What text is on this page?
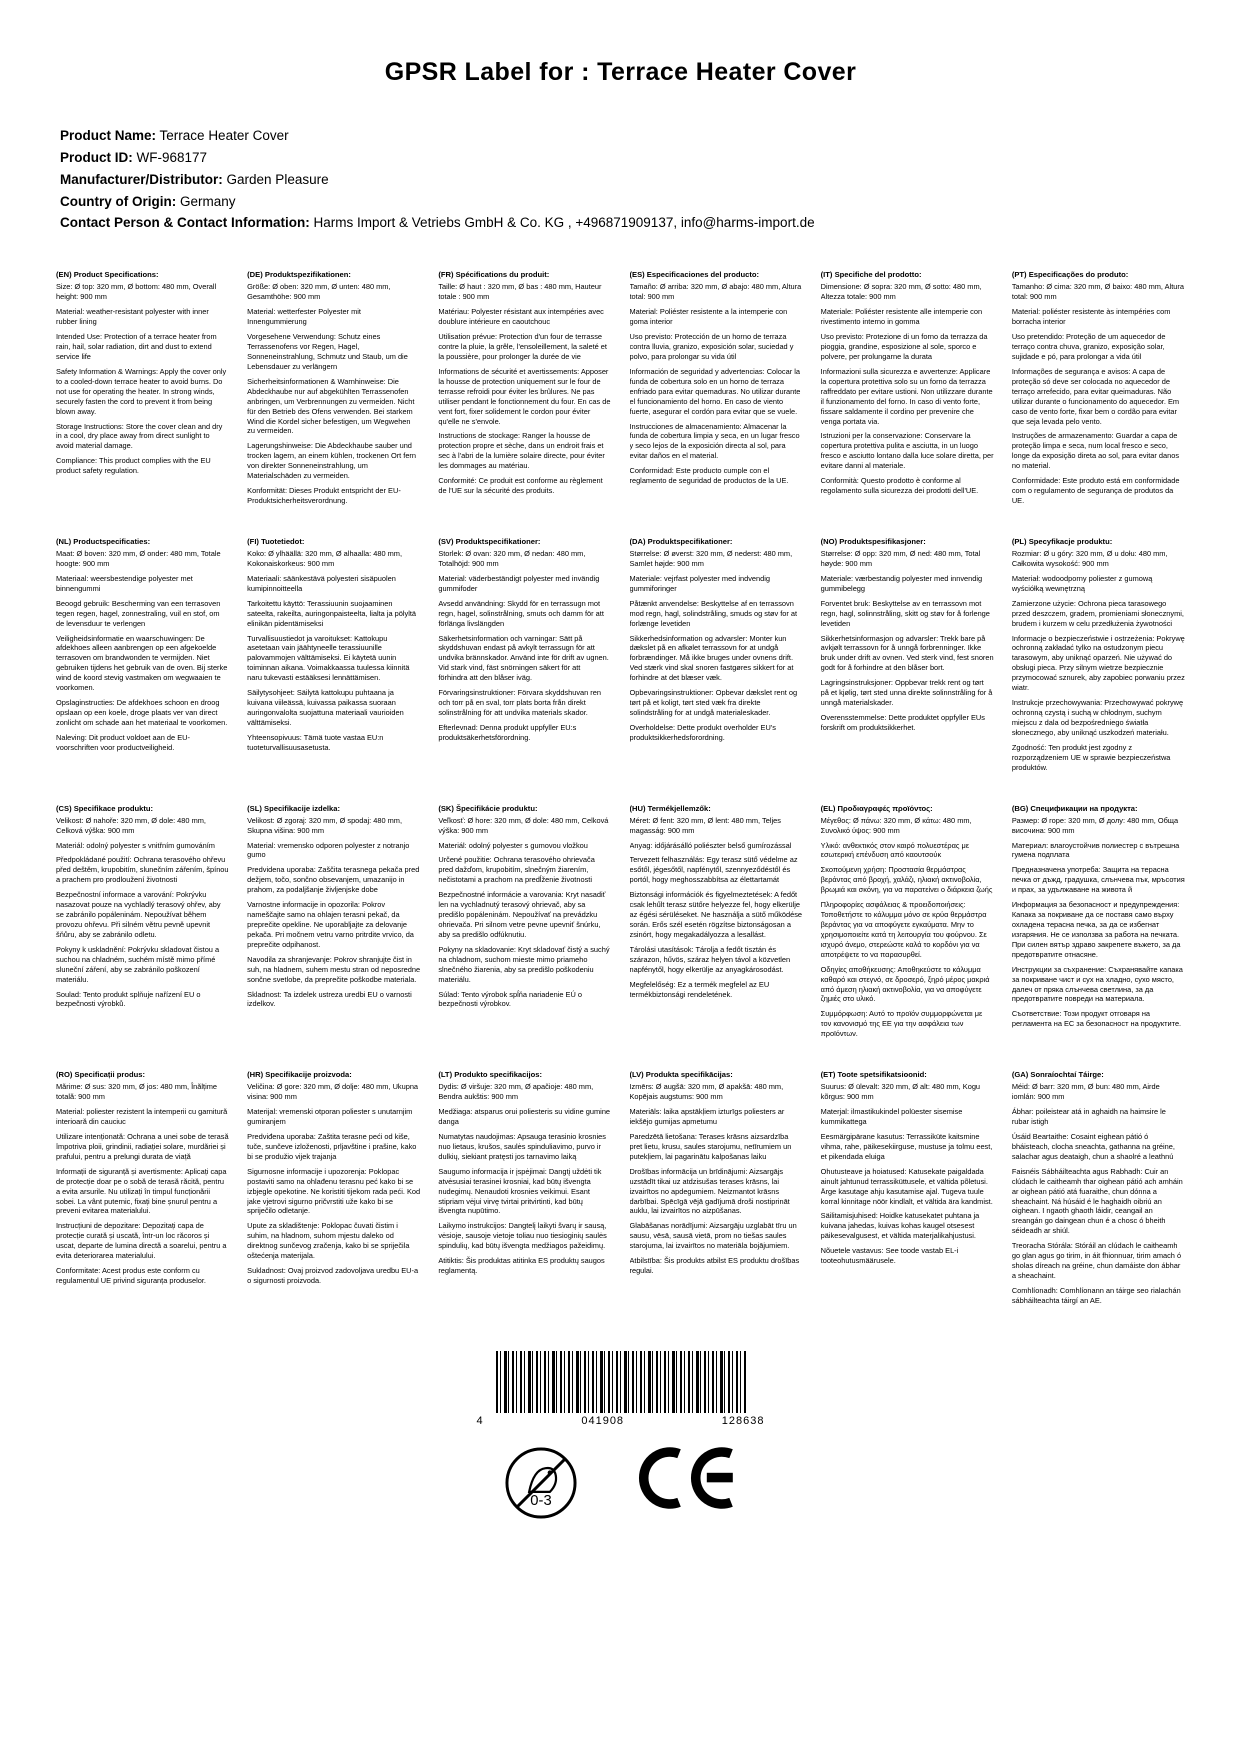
GPSR Label for : Terrace Heater Cover
Product Name: Terrace Heater Cover
Product ID: WF-968177
Manufacturer/Distributor: Garden Pleasure
Country of Origin: Germany
Contact Person & Contact Information: Harms Import & Vetriebs GmbH & Co. KG , +496871909137, info@harms-import.de
(EN) Product Specifications:

Size: Ø top: 320 mm, Ø bottom: 480 mm, Overall height: 900 mm

Material: weather-resistant polyester with inner rubber lining

Intended Use: Protection of a terrace heater from rain, hail, solar radiation, dirt and dust to extend service life

Safety Information & Warnings: Apply the cover only to a cooled-down terrace heater to avoid burns. Do not use for operating the heater. In strong winds, securely fasten the cord to prevent it from being blown away.

Storage Instructions: Store the cover clean and dry in a cool, dry place away from direct sunlight to avoid material damage.

Compliance: This product complies with the EU product safety regulation.

(DE) Produktspezifikationen:

Größe: Ø oben: 320 mm, Ø unten: 480 mm, Gesamthöhe: 900 mm

Material: wetterfester Polyester mit Innengummierung

Vorgesehene Verwendung: Schutz eines Terrassenofens vor Regen, Hagel, Sonneneinstrahlung, Schmutz und Staub, um die Lebensdauer zu verlängern

Sicherheitsinformationen & Warnhinweise: Die Abdeckhaube nur auf abgekühlten Terrassenofen anbringen, um Verbrennungen zu vermeiden. Nicht für den Betrieb des Ofens verwenden. Bei starkem Wind die Kordel sicher befestigen, um Wegwehen zu vermeiden.

Lagerungshinweise: Die Abdeckhaube sauber und trocken lagern, an einem kühlen, trockenen Ort fern von direkter Sonneneinstrahlung, um Materialschäden zu vermeiden.

Konformität: Dieses Produkt entspricht der EU-Produktsicherheitsverordnung.

(FR) Spécifications du produit:

Taille: Ø haut : 320 mm, Ø bas : 480 mm, Hauteur totale : 900 mm

Matériau: Polyester résistant aux intempéries avec doublure intérieure en caoutchouc

Utilisation prévue: Protection d'un four de terrasse contre la pluie, la grêle, l'ensoleillement, la saleté et la poussière, pour prolonger la durée de vie

Informations de sécurité et avertissements: Apposer la housse de protection uniquement sur le four de terrasse refroidi pour éviter les brûlures. Ne pas utiliser pendant le fonctionnement du four. En cas de vent fort, fixer solidement le cordon pour éviter qu'elle ne s'envole.

Instructions de stockage: Ranger la housse de protection propre et sèche, dans un endroit frais et sec à l'abri de la lumière solaire directe, pour éviter les dommages au matériau.

Conformité: Ce produit est conforme au règlement de l'UE sur la sécurité des produits.

(ES) Especificaciones del producto:

Tamaño: Ø arriba: 320 mm, Ø abajo: 480 mm, Altura total: 900 mm

Material: Poliéster resistente a la intemperie con goma interior

Uso previsto: Protección de un horno de terraza contra lluvia, granizo, exposición solar, suciedad y polvo, para prolongar su vida útil

Información de seguridad y advertencias: Colocar la funda de cobertura solo en un horno de terraza enfriado para evitar quemaduras. No utilizar durante el funcionamiento del horno. En caso de viento fuerte, asegurar el cordón para evitar que se vuele.

Instrucciones de almacenamiento: Almacenar la funda de cobertura limpia y seca, en un lugar fresco y seco lejos de la exposición directa al sol, para evitar daños en el material.

Conformidad: Este producto cumple con el reglamento de seguridad de productos de la UE.

(IT) Specifiche del prodotto:

Dimensione: Ø sopra: 320 mm, Ø sotto: 480 mm, Altezza totale: 900 mm

Materiale: Poliéster resistente alle intemperie con rivestimento interno in gomma

Uso previsto: Protezione di un forno da terrazza da pioggia, grandine, esposizione al sole, sporco e polvere, per prolungarne la durata

Informazioni sulla sicurezza e avvertenze: Applicare la copertura protettiva solo su un forno da terrazza raffreddato per evitare ustioni. Non utilizzare durante il funzionamento del forno. In caso di vento forte, fissare saldamente il cordino per prevenire che venga portata via.

Istruzioni per la conservazione: Conservare la copertura protettiva pulita e asciutta, in un luogo fresco e asciutto lontano dalla luce solare diretta, per evitare danni al materiale.

Conformità: Questo prodotto è conforme al regolamento sulla sicurezza dei prodotti dell'UE.

(PT) Especificações do produto:

Tamanho: Ø cima: 320 mm, Ø baixo: 480 mm, Altura total: 900 mm

Material: poliéster resistente às intempéries com borracha interior

Uso pretendido: Proteção de um aquecedor de terraço contra chuva, granizo, exposição solar, sujidade e pó, para prolongar a vida útil

Informações de segurança e avisos: A capa de proteção só deve ser colocada no aquecedor de terraço arrefecido, para evitar queimaduras. Não utilizar durante o funcionamento do aquecedor. Em caso de vento forte, fixar bem o cordão para evitar que seja levada pelo vento.

Instruções de armazenamento: Guardar a capa de proteção limpa e seca, num local fresco e seco, longe da exposição direta ao sol, para evitar danos no material.

Conformidade: Este produto está em conformidade com o regulamento de segurança de produtos da UE.

(NL) Productspecificaties:

Maat: Ø boven: 320 mm, Ø onder: 480 mm, Totale hoogte: 900 mm

Materiaal: weersbestendige polyester met binnengummi

Beoogd gebruik: Bescherming van een terrasoven tegen regen, hagel, zonnestraling, vuil en stof, om de levensduur te verlengen

Veiligheidsinformatie en waarschuwingen: De afdekhoes alleen aanbrengen op een afgekoelde terrasoven om brandwonden te vermijden. Niet gebruiken tijdens het gebruik van de oven. Bij sterke wind de koord stevig vastmaken om wegwaaien te voorkomen.

Opslaginstructies: De afdekhoes schoon en droog opslaan op een koele, droge plaats ver van direct zonlicht om schade aan het materiaal te voorkomen.

Naleving: Dit product voldoet aan de EU-voorschriften voor productveiligheid.

(FI) Tuotetiedot:

Koko: Ø ylhäällä: 320 mm, Ø alhaalla: 480 mm, Kokonaiskorkeus: 900 mm

Materiaali: säänkestävä polyesteri sisäpuolen kumipinnoitteella

Tarkoitettu käyttö: Terassiuunin suojaaminen sateelta, rakeilta, auringonpaisteelta, lialta ja pölyltä elinikän pidentämiseksi

Turvallisuustiedot ja varoitukset: Kattokupu asetetaan vain jäähtyneelle terassiuunille palovammojen välttämiseksi. Ei käytetä uunin toiminnan aikana. Voimakkaassa tuulessa kiinnitä naru tukevasti estääksesi lennättämisen.

Säilytysohjeet: Säilytä kattokupu puhtaana ja kuivana viileässä, kuivassa paikassa suoraan auringonvalolta suojattuna materiaali vaurioiden välttämiseksi.

Yhteensopivuus: Tämä tuote vastaa EU:n tuoteturvallisuusasetusta.

(SV) Produktspecifikationer:

Storlek: Ø ovan: 320 mm, Ø nedan: 480 mm, Totalhöjd: 900 mm

Material: väderbeständigt polyester med invändig gummifoder

Avsedd användning: Skydd för en terrassugn mot regn, hagel, solinstrålning, smuts och damm för att förlänga livslängden

Säkerhetsinformation och varningar: Sätt på skyddshuvan endast på avkylt terrassugn för att undvika brännskador. Använd inte för drift av ugnen. Vid stark vind, fäst snörningen säkert för att förhindra att den blåser iväg.

Förvaringsinstruktioner: Förvara skyddshuvan ren och torr på en sval, torr plats borta från direkt solinstrålning för att undvika materials skador.

Efterlevnad: Denna produkt uppfyller EU:s produktsäkerhetsförordning.

(DA) Produktspecifikationer:

Størrelse: Ø øverst: 320 mm, Ø nederst: 480 mm, Samlet højde: 900 mm

Materiale: vejrfast polyester med indvendig gummiforinger

Påtænkt anvendelse: Beskyttelse af en terrassovn mod regn, hagl, solindstråling, smuds og støv for at forlænge levetiden

Sikkerhedsinformation og advarsler: Monter kun dækslet på en afkølet terrassovn for at undgå forbrændinger. Må ikke bruges under ovnens drift. Ved stærk vind skal snoren fastgøres sikkert for at forhindre at det blæser væk.

Opbevaringsinstruktioner: Opbevar dækslet rent og tørt på et koligt, tørt sted væk fra direkte solindstråling for at undgå materialeskader.

Overholdelse: Dette produkt overholder EU's produktsikkerhedsforordning.

(NO) Produktspesifikasjoner:

Størrelse: Ø opp: 320 mm, Ø ned: 480 mm, Total høyde: 900 mm

Materiale: værbestandig polyester med innvendig gummibelegg

Forventet bruk: Beskyttelse av en terrassovn mot regn, hagl, solinnstråling, skitt og støv for å forlenge levetiden

Sikkerhetsinformasjon og advarsler: Trekk bare på avkjølt terrassovn for å unngå forbrenninger. Ikke bruk under drift av ovnen. Ved sterk vind, fest snoren godt for å forhindre at den blåser bort.

Lagringsinstruksjoner: Oppbevar trekk rent og tørt på et kjølig, tørt sted unna direkte solinnstråling for å unngå materialskader.

Overensstemmelse: Dette produktet oppfyller EUs forskrift om produktsikkerhet.

(PL) Specyfikacje produktu:

Rozmiar: Ø u góry: 320 mm, Ø u dołu: 480 mm, Całkowita wysokość: 900 mm

Materiał: wodoodporny poliester z gumową wyściółką wewnętrzną

Zamierzone użycie: Ochrona pieca tarasowego przed deszczem, gradem, promieniami słonecznymi, brudem i kurzem w celu przedłużenia żywotności

Informacje o bezpieczeństwie i ostrzeżenia: Pokrywę ochronną zakładać tylko na ostudzonym piecu tarasowym, aby uniknąć oparzeń. Nie używać do obsługi pieca. Przy silnym wietrze bezpiecznie przymocować sznurek, aby zapobiec porwaniu przez wiatr.

Instrukcje przechowywania: Przechowywać pokrywę ochronną czystą i suchą w chłodnym, suchym miejscu z dala od bezpośredniego światła słonecznego, aby uniknąć uszkodzeń materiału.

Zgodność: Ten produkt jest zgodny z rozporządzeniem UE w sprawie bezpieczeństwa produktów.

(CS) Specifikace produktu:

Velikost: Ø nahoře: 320 mm, Ø dole: 480 mm, Celková výška: 900 mm

Materiál: odolný polyester s vnitřním gumováním

Předpokládané použití: Ochrana terasového ohřevu před deštěm, krupobitím, slunečním zářením, špínou a prachem pro prodloužení životnosti

Bezpečnostní informace a varování: Pokrývku nasazovat pouze na vychladlý terasový ohřev, aby se zabránilo popáleninám. Nepoužívat během provozu ohřevu. Při silném větru pevně upevnit šňůru, aby se zabránilo odletu.

Pokyny k uskladnění: Pokrývku skladovat čistou a suchou na chladném, suchém místě mimo přímé sluneční záření, aby se zabránilo poškození materiálu.

Soulad: Tento produkt splňuje nařízení EU o bezpečnosti výrobků.

(SL) Specifikacije izdelka:

Velikost: Ø zgoraj: 320 mm, Ø spodaj: 480 mm, Skupna višina: 900 mm

Material: vremensko odporen polyester z notranjo gumo

Predvidena uporaba: Zaščita terasnega pekača pred dežjem, točo, sončno obsevanjem, umazanijo in prahom, za podaljšanje življenjske dobe

Varnostne informacije in opozorila: Pokrov nameščajte samo na ohlajen terasni pekač, da preprečite opekline. Ne uporabljajte za delovanje pekača. Pri močnem vetru varno pritrdite vrvico, da preprečite odpihanost.

Navodila za shranjevanje: Pokrov shranjujte čist in suh, na hladnem, suhem mestu stran od neposredne sončne svetlobe, da preprečite poškodbe materiala.

Skladnost: Ta izdelek ustreza uredbi EU o varnosti izdelkov.

(SK) Špecifikácie produktu:

Veľkosť: Ø hore: 320 mm, Ø dole: 480 mm, Celková výška: 900 mm

Materiál: odolný polyester s gumovou vložkou

Určené použitie: Ochrana terasového ohrievača pred dažďom, krupobitím, slnečným žiarením, nečistotami a prachom na predĺženie životnosti

Bezpečnostné informácie a varovania: Kryt nasadiť len na vychladnutý terasový ohrievač, aby sa predišlo popáleninám. Nepoužívať na prevádzku ohrievača. Pri silnom vetre pevne upevniť šnúrku, aby sa predišlo odfúknutiu.

Pokyny na skladovanie: Kryt skladovať čistý a suchý na chladnom, suchom mieste mimo priameho slnečného žiarenia, aby sa predišlo poškodeniu materiálu.

Súlad: Tento výrobok spĺňa nariadenie EÚ o bezpečnosti výrobkov.

(HU) Termékjellemzők:

Méret: Ø fent: 320 mm, Ø lent: 480 mm, Teljes magasság: 900 mm

Anyag: időjárásálló poliészter belső gumírozással

Tervezett felhasználás: Egy terasz sütő védelme az esőtől, jégesőtől, napfénytől, szennyeződéstől és portól, hogy meghosszabbítsa az élettartamát

Biztonsági információk és figyelmeztetések: A fedőt csak lehűlt terasz sütőre helyezze fel, hogy elkerülje az égési sérüléseket. Ne használja a sütő működése során. Erős szél esetén rögzítse biztonságosan a zsinórt, hogy megakadályozza a lesallást.

Tárolási utasítások: Tárolja a fedőt tisztán és szárazon, hűvös, száraz helyen távol a közvetlen napfénytől, hogy elkerülje az anyagkárosodást.

Megfelelőség: Ez a termék megfelel az EU termékbiztonsági rendeletének.

(EL) Προδιαγραφές προϊόντος:

Μέγεθος: Ø πάνω: 320 mm, Ø κάτω: 480 mm, Συνολικό ύψος: 900 mm

Υλικό: ανθεκτικός στον καιρό πολυεστέρας με εσωτερική επένδυση από καουτσούκ

Σκοπούμενη χρήση: Προστασία θερμάστρας βεράντας από βροχή, χαλάζι, ηλιακή ακτινοβολία, βρωμιά και σκόνη, για να παρατείνει ο διάρκεια ζωής

Πληροφορίες ασφάλειας & προειδοποιήσεις: Τοποθετήστε το κάλυμμα μόνο σε κρύα θερμάστρα βεράντας για να αποφύγετε εγκαύματα. Μην το χρησιμοποιείτε κατά τη λειτουργία του φούρνου. Σε ισχυρό άνεμο, στερεώστε καλά το κορδόνι για να αποτρέψετε το να παρασυρθεί.

Οδηγίες αποθήκευσης: Αποθηκεύστε το κάλυμμα καθαρό και στεγνό, σε δροσερό, ξηρό μέρος μακριά από άμεση ηλιακή ακτινοβολία, για να αποφύγετε ζημιές στο υλικό.

Συμμόρφωση: Αυτό το προϊόν συμμορφώνεται με τον κανονισμό της ΕΕ για την ασφάλεια των προϊόντων.

(BG) Спецификации на продукта:

Размер: Ø горе: 320 mm, Ø долу: 480 mm, Обща височина: 900 mm

Материал: влагоустойчив полиестер с вътрешна гумена подплата

Предназначена употреба: Защита на терасна печка от дъжд, градушка, слънчева пък, мръсотия и прах, за удължаване на живота й

Информация за безопасност и предупреждения: Капака за покриване да се поставя само върху охладена терасна печка, за да се избегнат изгаряния. Не се използва за работа на печката. При силен вятър здраво закрепете въжето, за да предотвратите отнасяне.

Инструкции за съхранение: Съхранявайте капака за покриване чист и сух на хладно, сухо място, далеч от пряка слънчева светлина, за да предотвратите повреди на материала.

Съответствие: Този продукт отговаря на регламента на ЕС за безопасност на продуктите.

(RO) Specificații produs:

Mărime: Ø sus: 320 mm, Ø jos: 480 mm, Înălțime totală: 900 mm

Material: poliester rezistent la intemperii cu garnitură interioară din cauciuc

Utilizare intenționată: Ochrana a unei sobe de terasă împotriva ploii, grindinii, radiației solare, murdăriei și prafului, pentru a prelungi durata de viață

Informații de siguranță și avertismente: Aplicați capa de protecție doar pe o sobă de terasă răcită, pentru a evita arsurile. Nu utilizați în timpul funcționării sobei. La vânt puternic, fixați bine șnurul pentru a preveni evitarea materialului.

Instrucțiuni de depozitare: Depozitați capa de protecție curată și uscată, într-un loc răcoros și uscat, departe de lumina directă a soarelui, pentru a evita deteriorarea materialului.

Conformitate: Acest produs este conform cu regulamentul UE privind siguranța produselor.

(HR) Specifikacije proizvoda:

Veličina: Ø gore: 320 mm, Ø dolje: 480 mm, Ukupna visina: 900 mm

Materijal: vremenski otporan poliester s unutarnjim gumiranjem

Predviđena uporaba: Zaštita terasne peći od kiše, tuče, sunčeve izloženosti, prljavštine i prašine, kako bi se produžio vijek trajanja

Sigurnosne informacije i upozorenja: Poklopac postaviti samo na ohlađenu terasnu peć kako bi se izbjegle opekotine. Ne koristiti tijekom rada peći. Kod jake vjetrovi sigurno pričvrstiti uže kako bi se spriječilo odletanje.

Upute za skladištenje: Poklopac čuvati čistim i suhim, na hladnom, suhom mjestu daleko od direktnog sunčevog zračenja, kako bi se spriječila oštećenja materijala.

Sukladnost: Ovaj proizvod zadovoljava uredbu EU-a o sigurnosti proizvoda.

(LT) Produkto specifikacijos:

Dydis: Ø viršuje: 320 mm, Ø apačioje: 480 mm, Bendra aukštis: 900 mm

Medžiaga: atsparus orui poliesteris su vidine gumine danga

Numatytas naudojimas: Apsauga terasinio krosnies nuo lietaus, krušos, saulės spinduliavimo, purvo ir dulkių, siekiant pratęsti jos tarnavimo laiką

Saugumo informacija ir įspėjimai: Dangtį uždėti tik atvėsusiai terasinei krosniai, kad būtų išvengta nudegimų. Nenaudoti krosnies veikimui. Esant stipriam vėjui virvę tvirtai pritvirtinti, kad būtų išvengta nupūtimo.

Laikymo instrukcijos: Dangtelį laikyti švarų ir sausą, vėsioje, sausoje vietoje toliau nuo tiesioginių saulės spindulių, kad būtų išvengta medžiagos pažeidimų.

Atitiktis: Šis produktas atitinka ES produktų saugos reglamentą.

(LV) Produkta specifikācijas:

Izmērs: Ø augšā: 320 mm, Ø apakšā: 480 mm, Kopējais augstums: 900 mm

Materiāls: laika apstākļiem izturīgs poliesters ar iekšējo gumijas apmetumu

Paredzētā lietošana: Terases krāsns aizsardzība pret lietu, krusu, saules starojumu, netīrumiem un putekļiem, lai pagarinātu kalpošanas laiku

Drošības informācija un brīdinājumi: Aizsargājs uzstādīt tikai uz atdzisušas terases krāsns, lai izvairītos no apdegumiem. Neizmantot krāsns darbībai. Spēcīgā vējā gadījumā droši nostiprināt auklu, lai izvairītos no aizpūšanas.

Glabāšanas norādījumi: Aizsargāju uzglabāt tīru un sausu, vēsā, sausā vietā, prom no tiešas saules starojuma, lai izvairītos no materiāla bojājumiem.

Atbilstība: Šis produkts atbilst ES produktu drošības regulai.

(ET) Toote spetsifikatsioonid:

Suurus: Ø ülevalt: 320 mm, Ø alt: 480 mm, Kogu kõrgus: 900 mm

Materjal: ilmastikukindel polüester sisemise kummikattega

Eesmärgipärane kasutus: Terrassiküte kaitsmine vihma, rahe, päikesekiirguse, mustuse ja tolmu eest, et pikendada eluiga

Ohutusteave ja hoiatused: Katusekate paigaldada ainult jahtunud terrassiküttusele, et vältida põletusi. Ärge kasutage ahju kasutamise ajal. Tugeva tuule korral kinnitage nöör kindlalt, et vältida ära kandmist.

Säilitamisjuhised: Hoidke katusekatet puhtana ja kuivana jahedas, kuivas kohas kaugel otsesest päikesevalgusest, et vältida materjalikahjustusi.

Nõuetele vastavus: See toode vastab EL-i tooteohutusmäärusele.

(GA) Sonraíochtaí Táirge:

Méid: Ø barr: 320 mm, Ø bun: 480 mm, Airde iomlán: 900 mm

Ábhar: poileistear atá in aghaidh na haimsire le rubar istigh

Úsáid Beartaithe: Cosaint eighean pátió ó bháisteach, clocha sneachta, gathanna na gréine, salachar agus deataigh, chun a shaolré a leathnú

Faisnéis Sábháilteachta agus Rabhadh: Cuir an clúdach le caitheamh thar oighean pátió ach amháin ar oighean pátió atá fuaraithe, chun dónna a sheachaint. Ná húsáid é le haghaidh oibriú an oighean. I ngaoth ghaoth láidir, ceangail an sreangán go daingean chun é a chosc ó bheith séideadh ar shiúl.

Treoracha Stórála: Stóráil an clúdach le caitheamh go glan agus go tirim, in áit fhionnuar, tirim amach ó sholas díreach na gréine, chun damáiste don ábhar a sheachaint.

Comhlíonadh: Comhlíonann an táirge seo rialachán sábháilteachta táirgí an AE.

4	041908	128638
0-3
